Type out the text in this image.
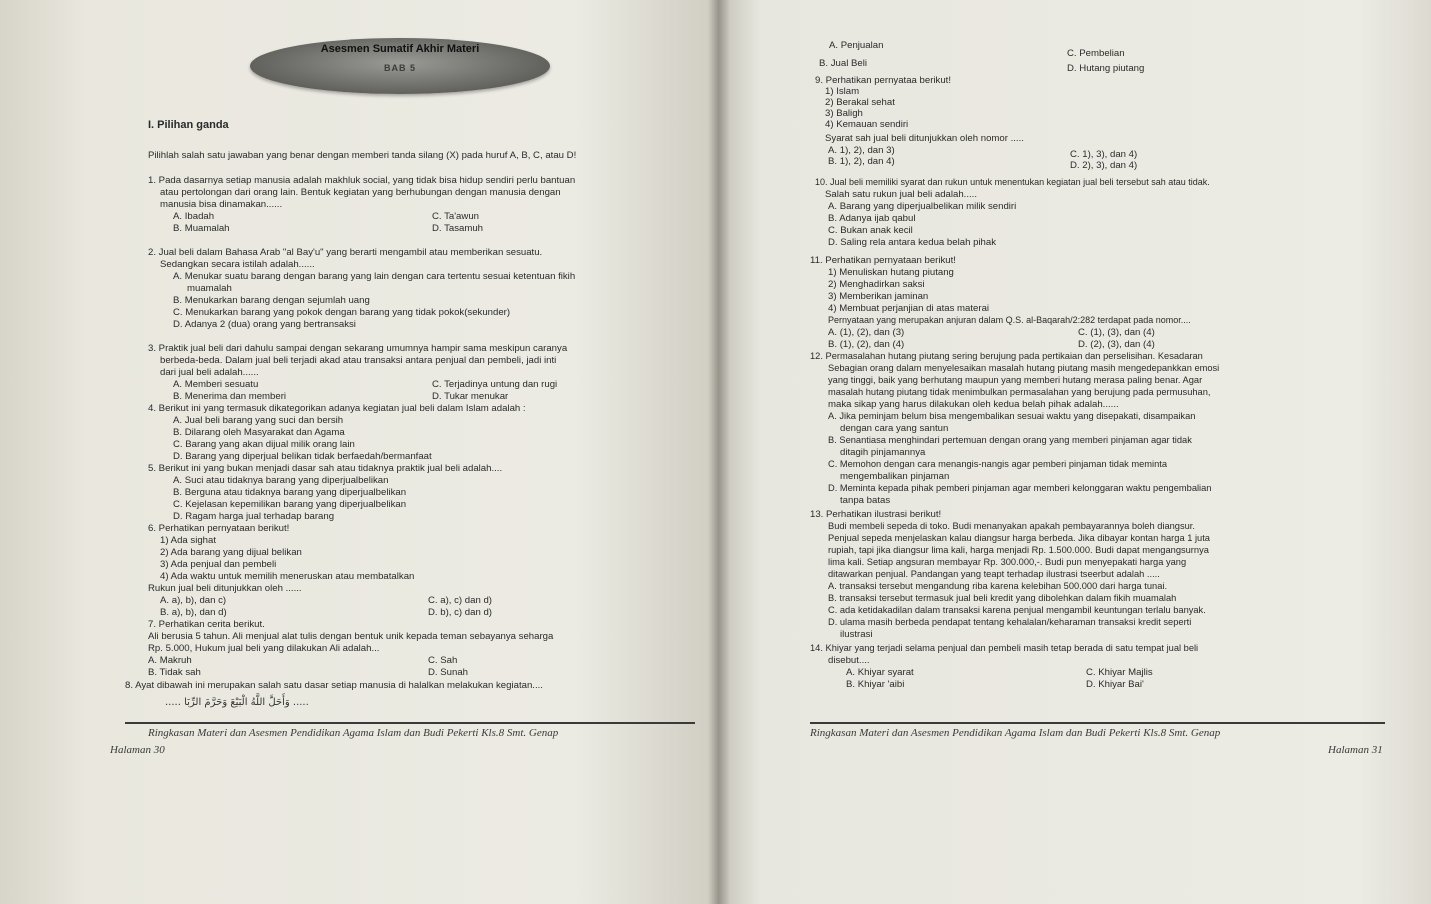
Asesmen Sumatif Akhir Materi
BAB 5
I. Pilihan ganda
Pilihlah salah satu jawaban yang benar dengan memberi tanda silang (X) pada huruf A, B, C, atau D!
1. Pada dasarnya setiap manusia adalah makhluk social, yang tidak bisa hidup sendiri perlu bantuan
atau pertolongan dari orang lain. Bentuk kegiatan yang berhubungan dengan manusia dengan
manusia bisa dinamakan......
A. Ibadah
B. Muamalah
C. Ta'awun
D. Tasamuh
2. Jual beli dalam Bahasa Arab "al Bay'u" yang berarti mengambil atau memberikan sesuatu.
Sedangkan secara istilah adalah......
A. Menukar suatu barang dengan barang yang lain dengan cara tertentu sesuai ketentuan fikih
muamalah
B. Menukarkan barang dengan sejumlah uang
C. Menukarkan barang yang pokok dengan barang yang tidak pokok(sekunder)
D. Adanya 2 (dua) orang yang bertransaksi
3. Praktik jual beli dari dahulu sampai dengan sekarang umumnya hampir sama meskipun caranya
berbeda-beda. Dalam jual beli terjadi akad atau transaksi antara penjual dan pembeli, jadi inti
dari jual beli adalah......
A. Memberi sesuatu
B. Menerima dan memberi
C. Terjadinya untung dan rugi
D. Tukar menukar
4. Berikut ini yang termasuk dikategorikan adanya kegiatan jual beli dalam Islam adalah :
A. Jual beli barang yang suci dan bersih
B. Dilarang oleh Masyarakat dan Agama
C. Barang yang akan dijual milik orang lain
D. Barang yang diperjual belikan tidak berfaedah/bermanfaat
5. Berikut ini yang bukan menjadi dasar sah atau tidaknya praktik jual beli adalah....
A. Suci atau tidaknya barang yang diperjualbelikan
B. Berguna atau tidaknya barang yang diperjualbelikan
C. Kejelasan kepemilikan barang yang diperjualbelikan
D. Ragam harga jual terhadap barang
6. Perhatikan pernyataan berikut!
1) Ada sighat
2) Ada barang yang dijual belikan
3) Ada penjual dan pembeli
4) Ada waktu untuk memilih meneruskan atau membatalkan
Rukun jual beli ditunjukkan oleh ......
A. a), b), dan c)
B. a), b), dan d)
C. a), c) dan d)
D. b), c) dan d)
7. Perhatikan cerita berikut.
Ali berusia 5 tahun. Ali menjual alat tulis dengan bentuk unik kepada teman sebayanya seharga
Rp. 5.000, Hukum jual beli yang dilakukan Ali adalah...
A. Makruh
B. Tidak sah
C. Sah
D. Sunah
8. Ayat dibawah ini merupakan salah satu dasar setiap manusia di halalkan melakukan kegiatan....
..... وَأَحَلَّ اللَّهُ الْبَيْعَ وَحَرَّمَ الرِّبَا .....
Ringkasan Materi dan Asesmen Pendidikan Agama Islam dan Budi Pekerti Kls.8 Smt. Genap
Halaman 30
A. Penjualan
B. Jual Beli
C. Pembelian
D. Hutang piutang
9. Perhatikan pernyataa berikut!
1) Islam
2) Berakal sehat
3) Baligh
4) Kemauan sendiri
Syarat sah jual beli ditunjukkan oleh nomor .....
A. 1), 2), dan 3)
B. 1), 2), dan 4)
C. 1), 3), dan 4)
D. 2), 3), dan 4)
10. Jual beli memiliki syarat dan rukun untuk menentukan kegiatan jual beli tersebut sah atau tidak.
Salah satu rukun jual beli adalah.....
A. Barang yang diperjualbelikan milik sendiri
B. Adanya ijab qabul
C. Bukan anak kecil
D. Saling rela antara kedua belah pihak
11. Perhatikan pernyataan berikut!
1) Menuliskan hutang piutang
2) Menghadirkan saksi
3) Memberikan jaminan
4) Membuat perjanjian di atas materai
Pernyataan yang merupakan anjuran dalam Q.S. al-Baqarah/2:282 terdapat pada nomor....
A. (1), (2), dan (3)
B. (1), (2), dan (4)
C. (1), (3), dan (4)
D. (2), (3), dan (4)
12. Permasalahan hutang piutang sering berujung pada pertikaian dan perselisihan. Kesadaran
Sebagian orang dalam menyelesaikan masalah hutang piutang masih mengedepankkan emosi
yang tinggi, baik yang berhutang maupun yang memberi hutang merasa paling benar. Agar
masalah hutang piutang tidak menimbulkan permasalahan yang berujung pada permusuhan,
maka sikap yang harus dilakukan oleh kedua belah pihak adalah......
A. Jika peminjam belum bisa mengembalikan sesuai waktu yang disepakati, disampaikan
dengan cara yang santun
B. Senantiasa menghindari pertemuan dengan orang yang memberi pinjaman agar tidak
ditagih pinjamannya
C. Memohon dengan cara menangis-nangis agar pemberi pinjaman tidak meminta
mengembalikan pinjaman
D. Meminta kepada pihak pemberi pinjaman agar memberi kelonggaran waktu pengembalian
tanpa batas
13. Perhatikan ilustrasi berikut!
Budi membeli sepeda di toko. Budi menanyakan apakah pembayarannya boleh diangsur.
Penjual sepeda menjelaskan kalau diangsur harga berbeda. Jika dibayar kontan harga 1 juta
rupiah, tapi jika diangsur lima kali, harga menjadi Rp. 1.500.000. Budi dapat mengangsurnya
lima kali. Setiap angsuran membayar Rp. 300.000,-. Budi pun menyepakati harga yang
ditawarkan penjual. Pandangan yang teapt terhadap ilustrasi tseerbut adalah .....
A. transaksi tersebut mengandung riba karena kelebihan 500.000 dari harga tunai.
B. transaksi tersebut termasuk jual beli kredit yang dibolehkan dalam fikih muamalah
C. ada ketidakadilan dalam transaksi karena penjual mengambil keuntungan terlalu banyak.
D. ulama masih berbeda pendapat tentang kehalalan/keharaman transaksi kredit seperti
ilustrasi
14. Khiyar yang terjadi selama penjual dan pembeli masih tetap berada di satu tempat jual beli
disebut....
A. Khiyar syarat
B. Khiyar 'aibi
C. Khiyar Majlis
D. Khiyar Bai'
Ringkasan Materi dan Asesmen Pendidikan Agama Islam dan Budi Pekerti Kls.8 Smt. Genap
Halaman 31
